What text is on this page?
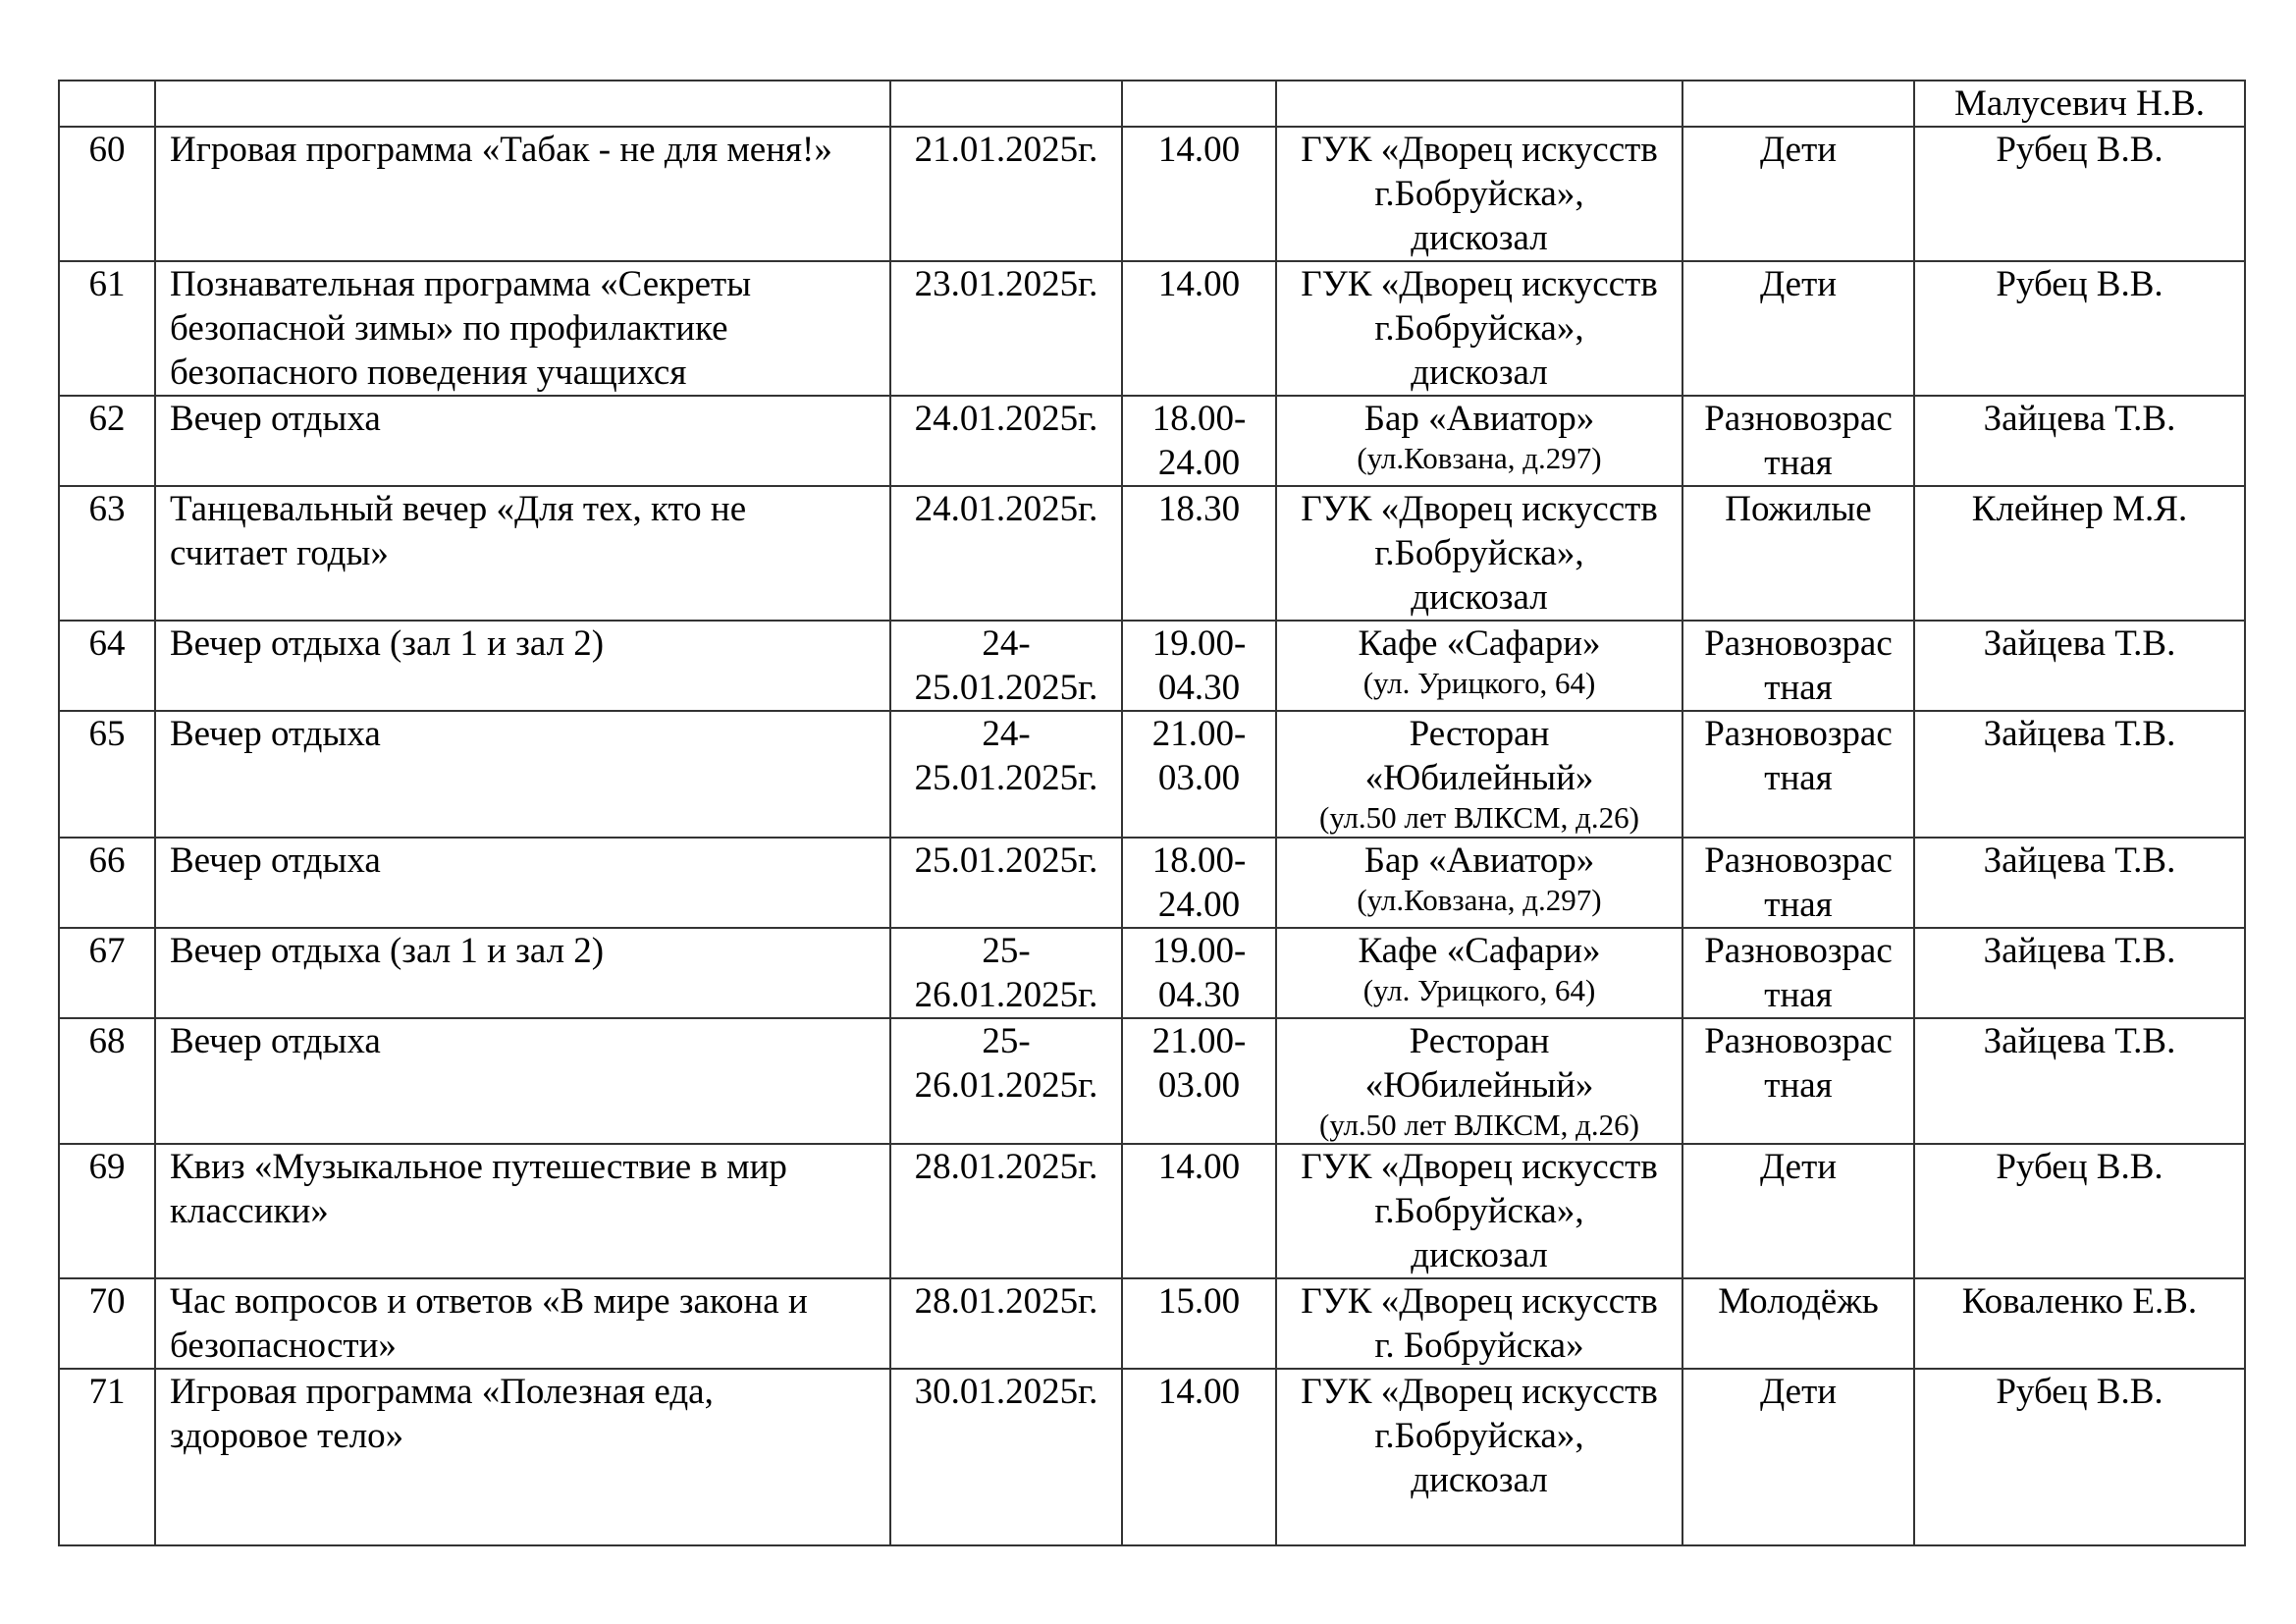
	Малусевич Н.В.
60	Игровая программа «Табак - не для меня!»	21.01.2025г.	14.00	ГУК «Дворец искусств
г.Бобруйска»,
дискозал	Дети	Рубец В.В.
61	Познавательная программа «Секреты
безопасной зимы» по профилактике
безопасного поведения учащихся	23.01.2025г.	14.00	ГУК «Дворец искусств
г.Бобруйска»,
дискозал	Дети	Рубец В.В.
62	Вечер отдыха	24.01.2025г.	18.00-
24.00	Бар «Авиатор»
(ул.Ковзана, д.297)	Разновозрас
тная	Зайцева Т.В.
63	Танцевальный вечер «Для тех, кто не
считает годы»	24.01.2025г.	18.30	ГУК «Дворец искусств
г.Бобруйска»,
дискозал	Пожилые	Клейнер М.Я.
64	Вечер отдыха (зал 1 и зал 2)	24-
25.01.2025г.	19.00-
04.30	Кафе «Сафари»
(ул. Урицкого, 64)	Разновозрас
тная	Зайцева Т.В.
65	Вечер отдыха	24-
25.01.2025г.	21.00-
03.00	Ресторан
«Юбилейный»
(ул.50 лет ВЛКСМ, д.26)	Разновозрас
тная	Зайцева Т.В.
66	Вечер отдыха	25.01.2025г.	18.00-
24.00	Бар «Авиатор»
(ул.Ковзана, д.297)	Разновозрас
тная	Зайцева Т.В.
67	Вечер отдыха (зал 1 и зал 2)	25-
26.01.2025г.	19.00-
04.30	Кафе «Сафари»
(ул. Урицкого, 64)	Разновозрас
тная	Зайцева Т.В.
68	Вечер отдыха	25-
26.01.2025г.	21.00-
03.00	Ресторан
«Юбилейный»
(ул.50 лет ВЛКСМ, д.26)	Разновозрас
тная	Зайцева Т.В.
69	Квиз «Музыкальное путешествие в мир
классики»	28.01.2025г.	14.00	ГУК «Дворец искусств
г.Бобруйска»,
дискозал	Дети	Рубец В.В.
70	Час вопросов и ответов «В мире закона и
безопасности»	28.01.2025г.	15.00	ГУК «Дворец искусств
г. Бобруйска»	Молодёжь	Коваленко Е.В.
71	Игровая программа «Полезная еда,
здоровое тело»	30.01.2025г.	14.00	ГУК «Дворец искусств
г.Бобруйска»,
дискозал	Дети	Рубец В.В.
